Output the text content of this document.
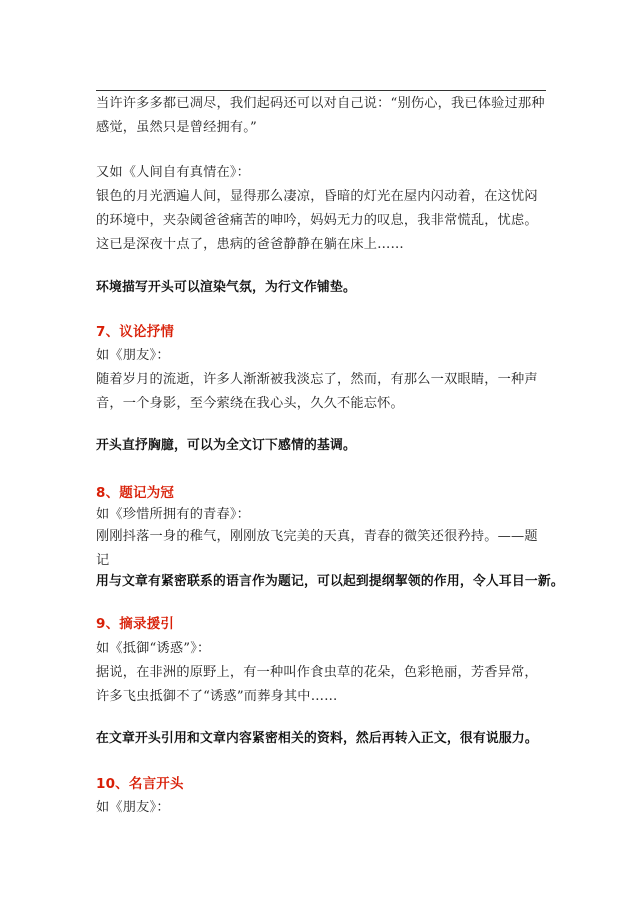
当许许多多都已凋尽，我们起码还可以对自己说：“别伤心，我已体验过那种感觉，虽然只是曾经拥有。”

又如《人间自有真情在》：

银色的月光洒遍人间，显得那么凄凉，昏暗的灯光在屋内闪动着，在这忧闷的环境中，夹杂阈爸爸痛苦的呻吟，妈妈无力的叹息，我非常慌乱，忧虑。这已是深夜十点了，患病的爸爸静静在躺在床上……

环境描写开头可以渲染气氛，为行文作铺垫。

7、议论抒情

如《朋友》：

随着岁月的流逝，许多人渐渐被我淡忘了，然而，有那么一双眼睛，一种声音，一个身影，至今萦绕在我心头，久久不能忘怀。

开头直抒胸臆，可以为全文订下感情的基调。

8、题记为冠

如《珍惜所拥有的青春》：

刚刚抖落一身的稚气，刚刚放飞完美的天真，青春的微笑还很矜持。——题记

用与文章有紧密联系的语言作为题记，可以起到提纲挈领的作用，令人耳目一新。

9、摘录援引

如《抵御“诱惑”》：

据说，在非洲的原野上，有一种叫作食虫草的花朵，色彩艳丽，芳香异常，许多飞虫抵御不了“诱惑”而葬身其中……

在文章开头引用和文章内容紧密相关的资料，然后再转入正文，很有说服力。

10、名言开头

如《朋友》：
